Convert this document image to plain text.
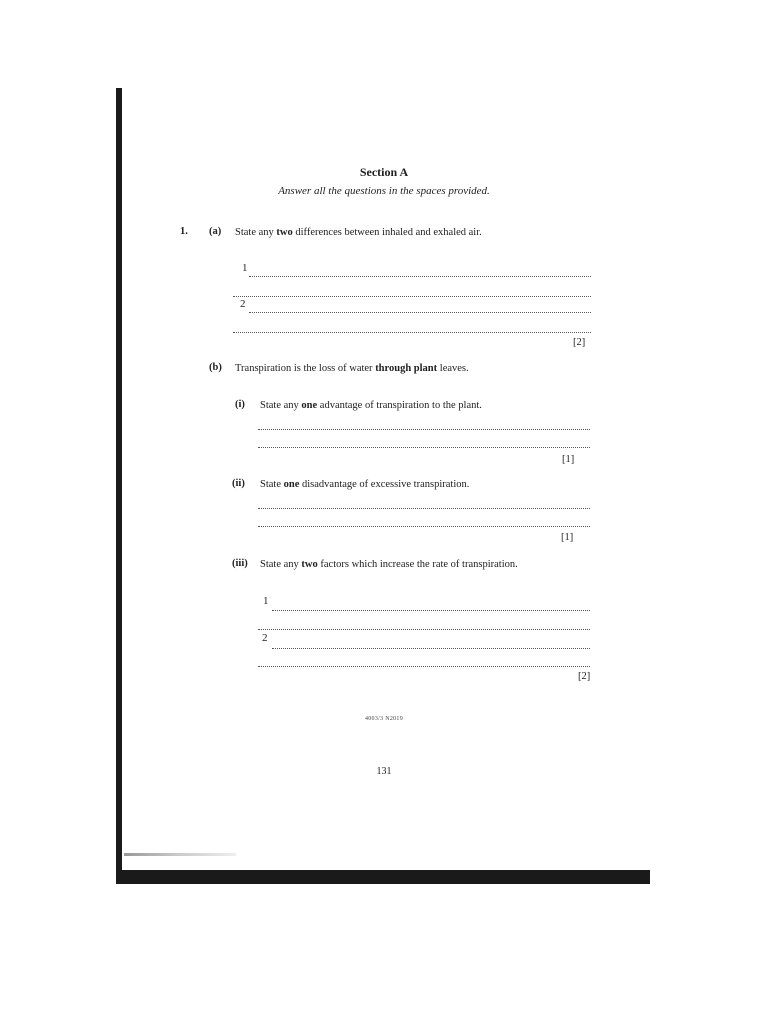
Section A
Answer all the questions in the spaces provided.
1. (a) State any two differences between inhaled and exhaled air.
1
2
[2]
(b) Transpiration is the loss of water through plant leaves.
(i) State any one advantage of transpiration to the plant.
[1]
(ii) State one disadvantage of excessive transpiration.
[1]
(iii) State any two factors which increase the rate of transpiration.
1
2
[2]
4003/3 N2019
131
